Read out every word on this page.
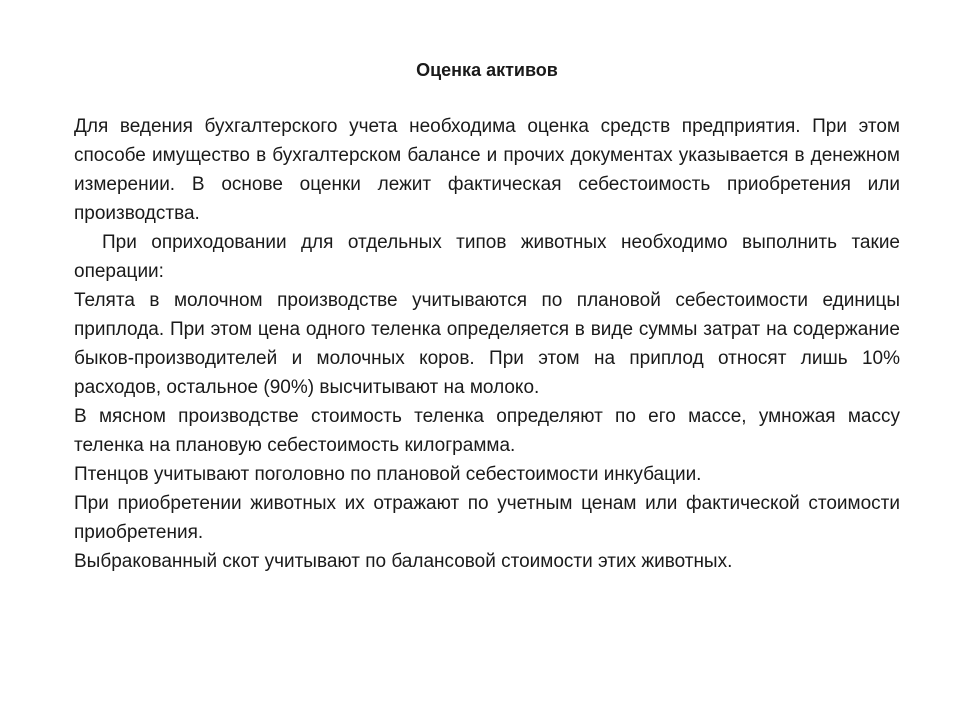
Оценка активов

Для ведения бухгалтерского учета необходима оценка средств предприятия. При этом способе имущество в бухгалтерском балансе и прочих документах указывается в денежном измерении. В основе оценки лежит фактическая себестоимость приобретения или производства.

При оприходовании для отдельных типов животных необходимо выполнить такие операции:

Телята в молочном производстве учитываются по плановой себестоимости единицы приплода. При этом цена одного теленка определяется в виде суммы затрат на содержание быков-производителей и молочных коров. При этом на приплод относят лишь 10% расходов, остальное (90%) высчитывают на молоко.

В мясном производстве стоимость теленка определяют по его массе, умножая массу теленка на плановую себестоимость килограмма.

Птенцов учитывают поголовно по плановой себестоимости инкубации.

При приобретении животных их отражают по учетным ценам или фактической стоимости приобретения.

Выбракованный скот учитывают по балансовой стоимости этих животных.
